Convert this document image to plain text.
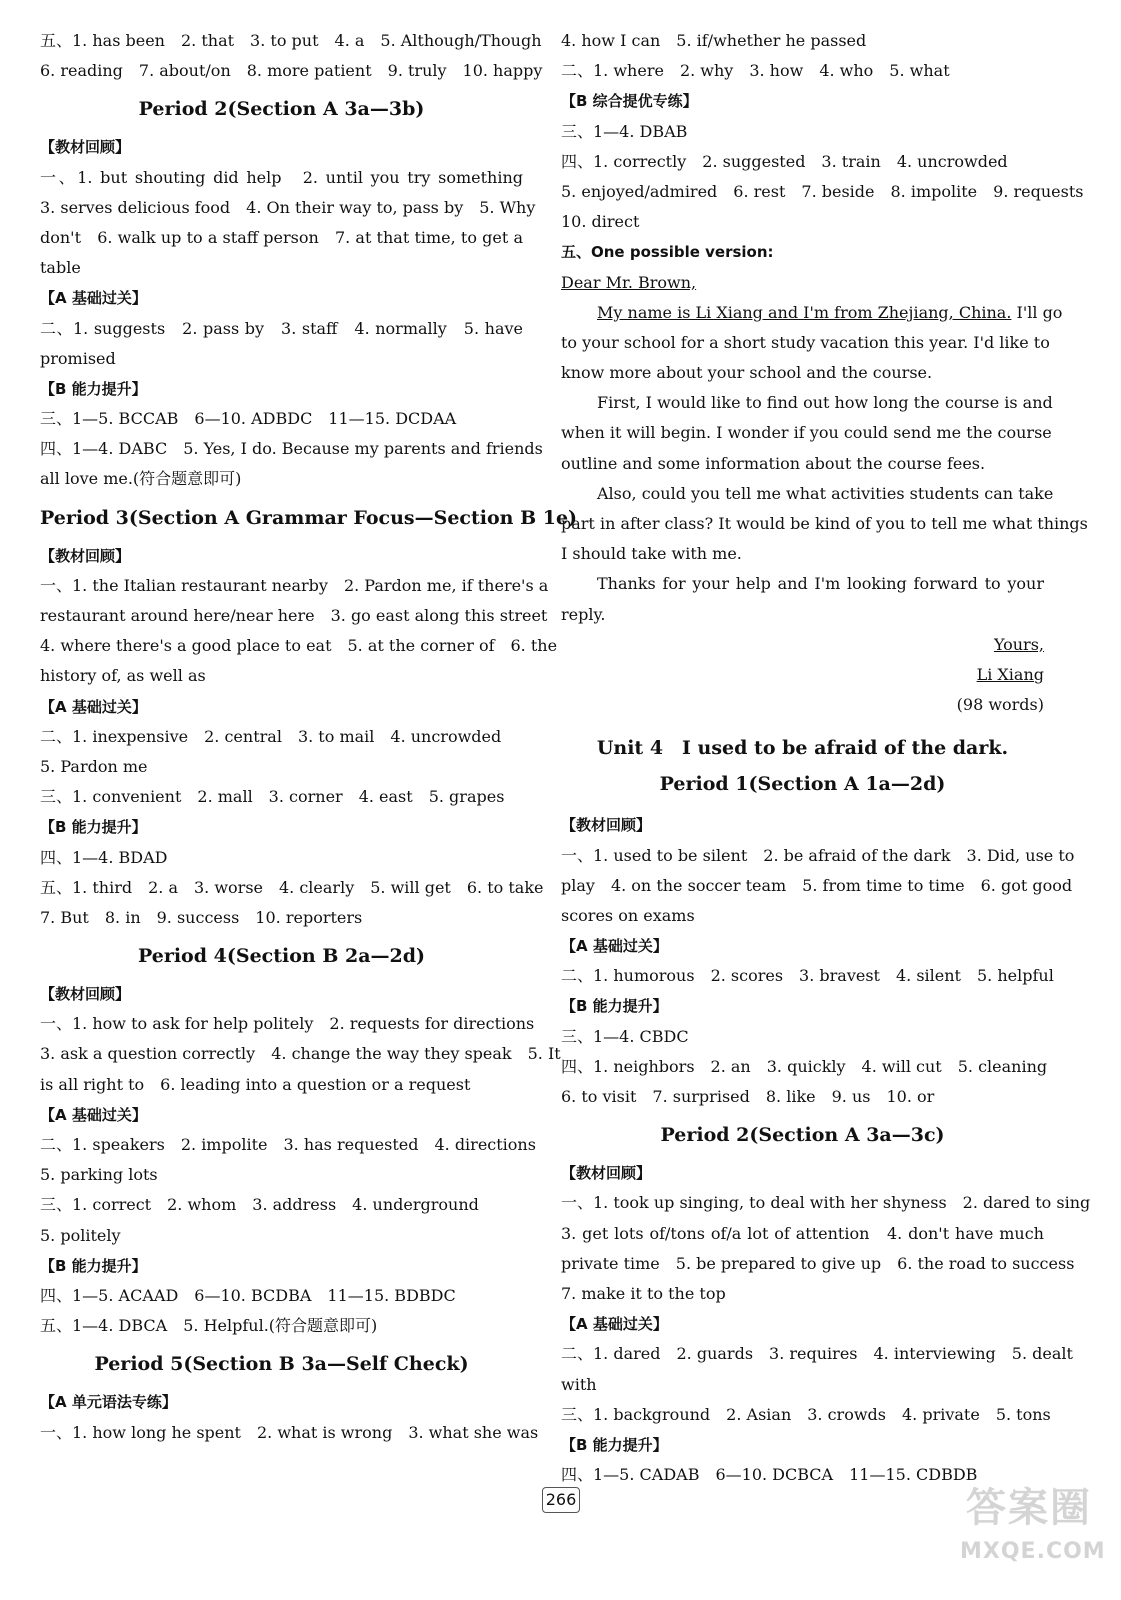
五、1. has been　2. that　3. to put　4. a　5. Although/Though
6. reading　7. about/on　8. more patient　9. truly　10. happy
Period 2(Section A 3a—3b)
【教材回顾】
一、1. but shouting did help　2. until you try something
3. serves delicious food　4. On their way to, pass by　5. Why
don't　6. walk up to a staff person　7. at that time, to get a
table
【A 基础过关】
二、1. suggests　2. pass by　3. staff　4. normally　5. have
promised
【B 能力提升】
三、1—5. BCCAB　6—10. ADBDC　11—15. DCDAA
四、1—4. DABC　5. Yes, I do. Because my parents and friends
all love me.(符合题意即可)
Period 3(Section A Grammar Focus—Section B 1e)
【教材回顾】
一、1. the Italian restaurant nearby　2. Pardon me, if there's a
restaurant around here/near here　3. go east along this street
4. where there's a good place to eat　5. at the corner of　6. the
history of, as well as
【A 基础过关】
二、1. inexpensive　2. central　3. to mail　4. uncrowded
5. Pardon me
三、1. convenient　2. mall　3. corner　4. east　5. grapes
【B 能力提升】
四、1—4. BDAD
五、1. third　2. a　3. worse　4. clearly　5. will get　6. to take
7. But　8. in　9. success　10. reporters
Period 4(Section B 2a—2d)
【教材回顾】
一、1. how to ask for help politely　2. requests for directions
3. ask a question correctly　4. change the way they speak　5. It
is all right to　6. leading into a question or a request
【A 基础过关】
二、1. speakers　2. impolite　3. has requested　4. directions
5. parking lots
三、1. correct　2. whom　3. address　4. underground
5. politely
【B 能力提升】
四、1—5. ACAAD　6—10. BCDBA　11—15. BDBDC
五、1—4. DBCA　5. Helpful.(符合题意即可)
Period 5(Section B 3a—Self Check)
【A 单元语法专练】
一、1. how long he spent　2. what is wrong　3. what she was
4. how I can　5. if/whether he passed
二、1. where　2. why　3. how　4. who　5. what
【B 综合提优专练】
三、1—4. DBAB
四、1. correctly　2. suggested　3. train　4. uncrowded
5. enjoyed/admired　6. rest　7. beside　8. impolite　9. requests
10. direct
五、One possible version:
Dear Mr. Brown,
My name is Li Xiang and I'm from Zhejiang, China. I'll go
to your school for a short study vacation this year. I'd like to
know more about your school and the course.
First, I would like to find out how long the course is and
when it will begin. I wonder if you could send me the course
outline and some information about the course fees.
Also, could you tell me what activities students can take
part in after class? It would be kind of you to tell me what things
I should take with me.
Thanks for your help and I'm looking forward to your
reply.
Yours,
Li Xiang
(98 words)
Unit 4　I used to be afraid of the dark.
Period 1(Section A 1a—2d)
【教材回顾】
一、1. used to be silent　2. be afraid of the dark　3. Did, use to
play　4. on the soccer team　5. from time to time　6. got good
scores on exams
【A 基础过关】
二、1. humorous　2. scores　3. bravest　4. silent　5. helpful
【B 能力提升】
三、1—4. CBDC
四、1. neighbors　2. an　3. quickly　4. will cut　5. cleaning
6. to visit　7. surprised　8. like　9. us　10. or
Period 2(Section A 3a—3c)
【教材回顾】
一、1. took up singing, to deal with her shyness　2. dared to sing
3. get lots of/tons of/a lot of attention　4. don't have much
private time　5. be prepared to give up　6. the road to success
7. make it to the top
【A 基础过关】
二、1. dared　2. guards　3. requires　4. interviewing　5. dealt
with
三、1. background　2. Asian　3. crowds　4. private　5. tons
【B 能力提升】
四、1—5. CADAB　6—10. DCBCA　11—15. CDBDB
266	答案圈
MXQE.COM
